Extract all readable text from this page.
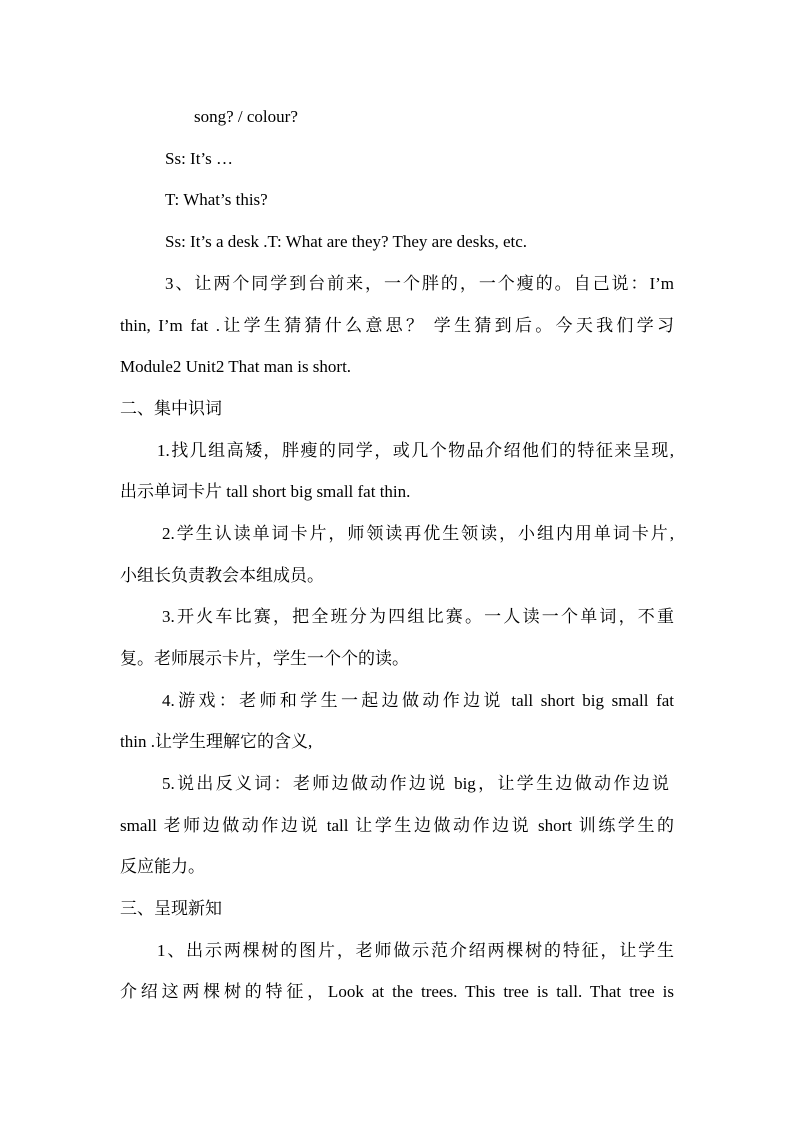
song? / colour?

Ss: It’s …

T: What’s this?

Ss: It’s a desk .T: What are they? They are desks, etc.

3、让两个同学到台前来，一个胖的，一个瘦的。自己说：I’m

thin, I’m fat .让学生猜猜什么意思？ 学生猜到后。今天我们学习

Module2 Unit2 That man is short.

二、集中识词

1.找几组高矮，胖瘦的同学，或几个物品介绍他们的特征来呈现,

出示单词卡片 tall short big small fat thin.

2.学生认读单词卡片，师领读再优生领读，小组内用单词卡片,

小组长负责教会本组成员。

3.开火车比赛，把全班分为四组比赛。一人读一个单词，不重

复。老师展示卡片，学生一个个的读。

4.游戏：老师和学生一起边做动作边说 tall short big small fat

thin .让学生理解它的含义,

5.说出反义词：老师边做动作边说 big，让学生边做动作边说

small 老师边做动作边说 tall 让学生边做动作边说 short 训练学生的

反应能力。

三、呈现新知

1、出示两棵树的图片，老师做示范介绍两棵树的特征，让学生

介绍这两棵树的特征，Look at the trees. This tree is tall. That tree is
